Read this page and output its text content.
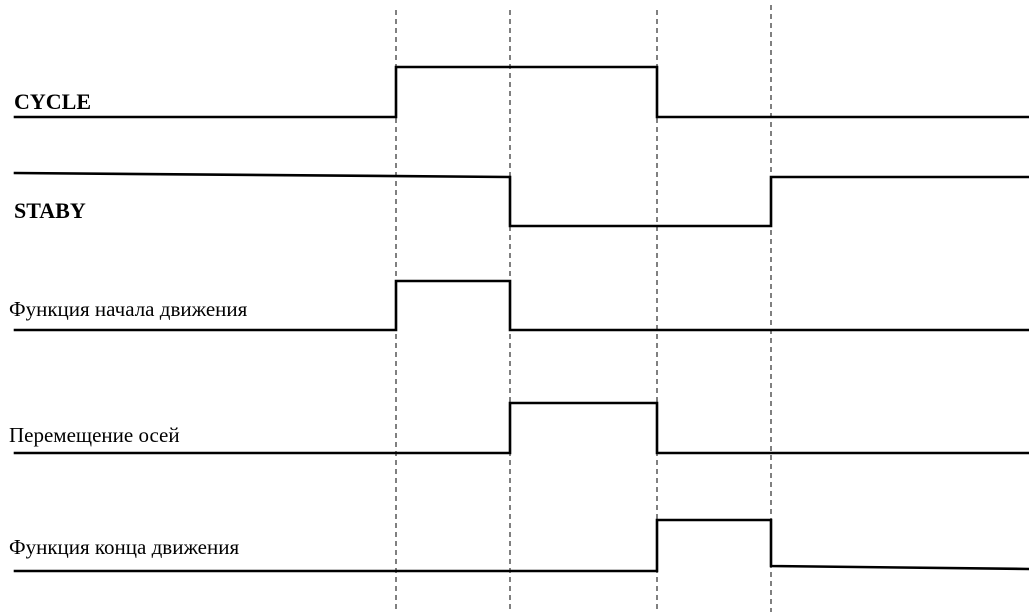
CYCLE
STABY
Функция начала движения
Перемещение осей
Функция конца движения
